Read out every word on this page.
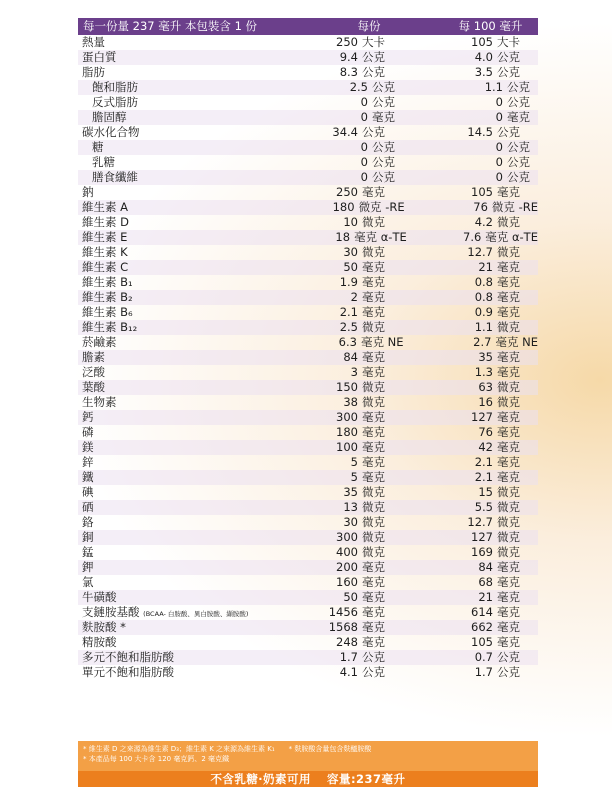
每一份量 237 毫升 本包裝含 1 份	每份	每 100 毫升
熱量	250 大卡	105 大卡
蛋白質	9.4 公克	4.0 公克
脂肪	8.3 公克	3.5 公克
飽和脂肪	2.5 公克	1.1 公克
反式脂肪	0 公克	0 公克
膽固醇	0 毫克	0 毫克
碳水化合物	34.4 公克	14.5 公克
糖	0 公克	0 公克
乳糖	0 公克	0 公克
膳食纖維	0 公克	0 公克
鈉	250 毫克	105 毫克
維生素 A	180 微克 -RE	76 微克 -RE
維生素 D	10 微克	4.2 微克
維生素 E	18 毫克 α-TE	7.6 毫克 α-TE
維生素 K	30 微克	12.7 微克
維生素 C	50 毫克	21 毫克
維生素 B₁	1.9 毫克	0.8 毫克
維生素 B₂	2 毫克	0.8 毫克
維生素 B₆	2.1 毫克	0.9 毫克
維生素 B₁₂	2.5 微克	1.1 微克
菸鹼素	6.3 毫克 NE	2.7 毫克 NE
膽素	84 毫克	35 毫克
泛酸	3 毫克	1.3 毫克
葉酸	150 微克	63 微克
生物素	38 微克	16 微克
鈣	300 毫克	127 毫克
磷	180 毫克	76 毫克
鎂	100 毫克	42 毫克
鋅	5 毫克	2.1 毫克
鐵	5 毫克	2.1 毫克
碘	35 微克	15 微克
硒	13 微克	5.5 微克
鉻	30 微克	12.7 微克
銅	300 微克	127 微克
錳	400 微克	169 微克
鉀	200 毫克	84 毫克
氯	160 毫克	68 毫克
牛磺酸	50 毫克	21 毫克
支鏈胺基酸 (BCAA- 白胺酸、異白胺酸、纈胺酸)	1456 毫克	614 毫克
麩胺酸 *	1568 毫克	662 毫克
精胺酸	248 毫克	105 毫克
多元不飽和脂肪酸	1.7 公克	0.7 公克
單元不飽和脂肪酸	4.1 公克	1.7 公克
* 維生素 D 之來源為維生素 D₃；維生素 K 之來源為維生素 K₁ * 麩胺酸含量包含麩醯胺酸
* 本產品每 100 大卡含 120 毫克鈣、2 毫克鐵
不含乳糖‧奶素可用 容量:237毫升
